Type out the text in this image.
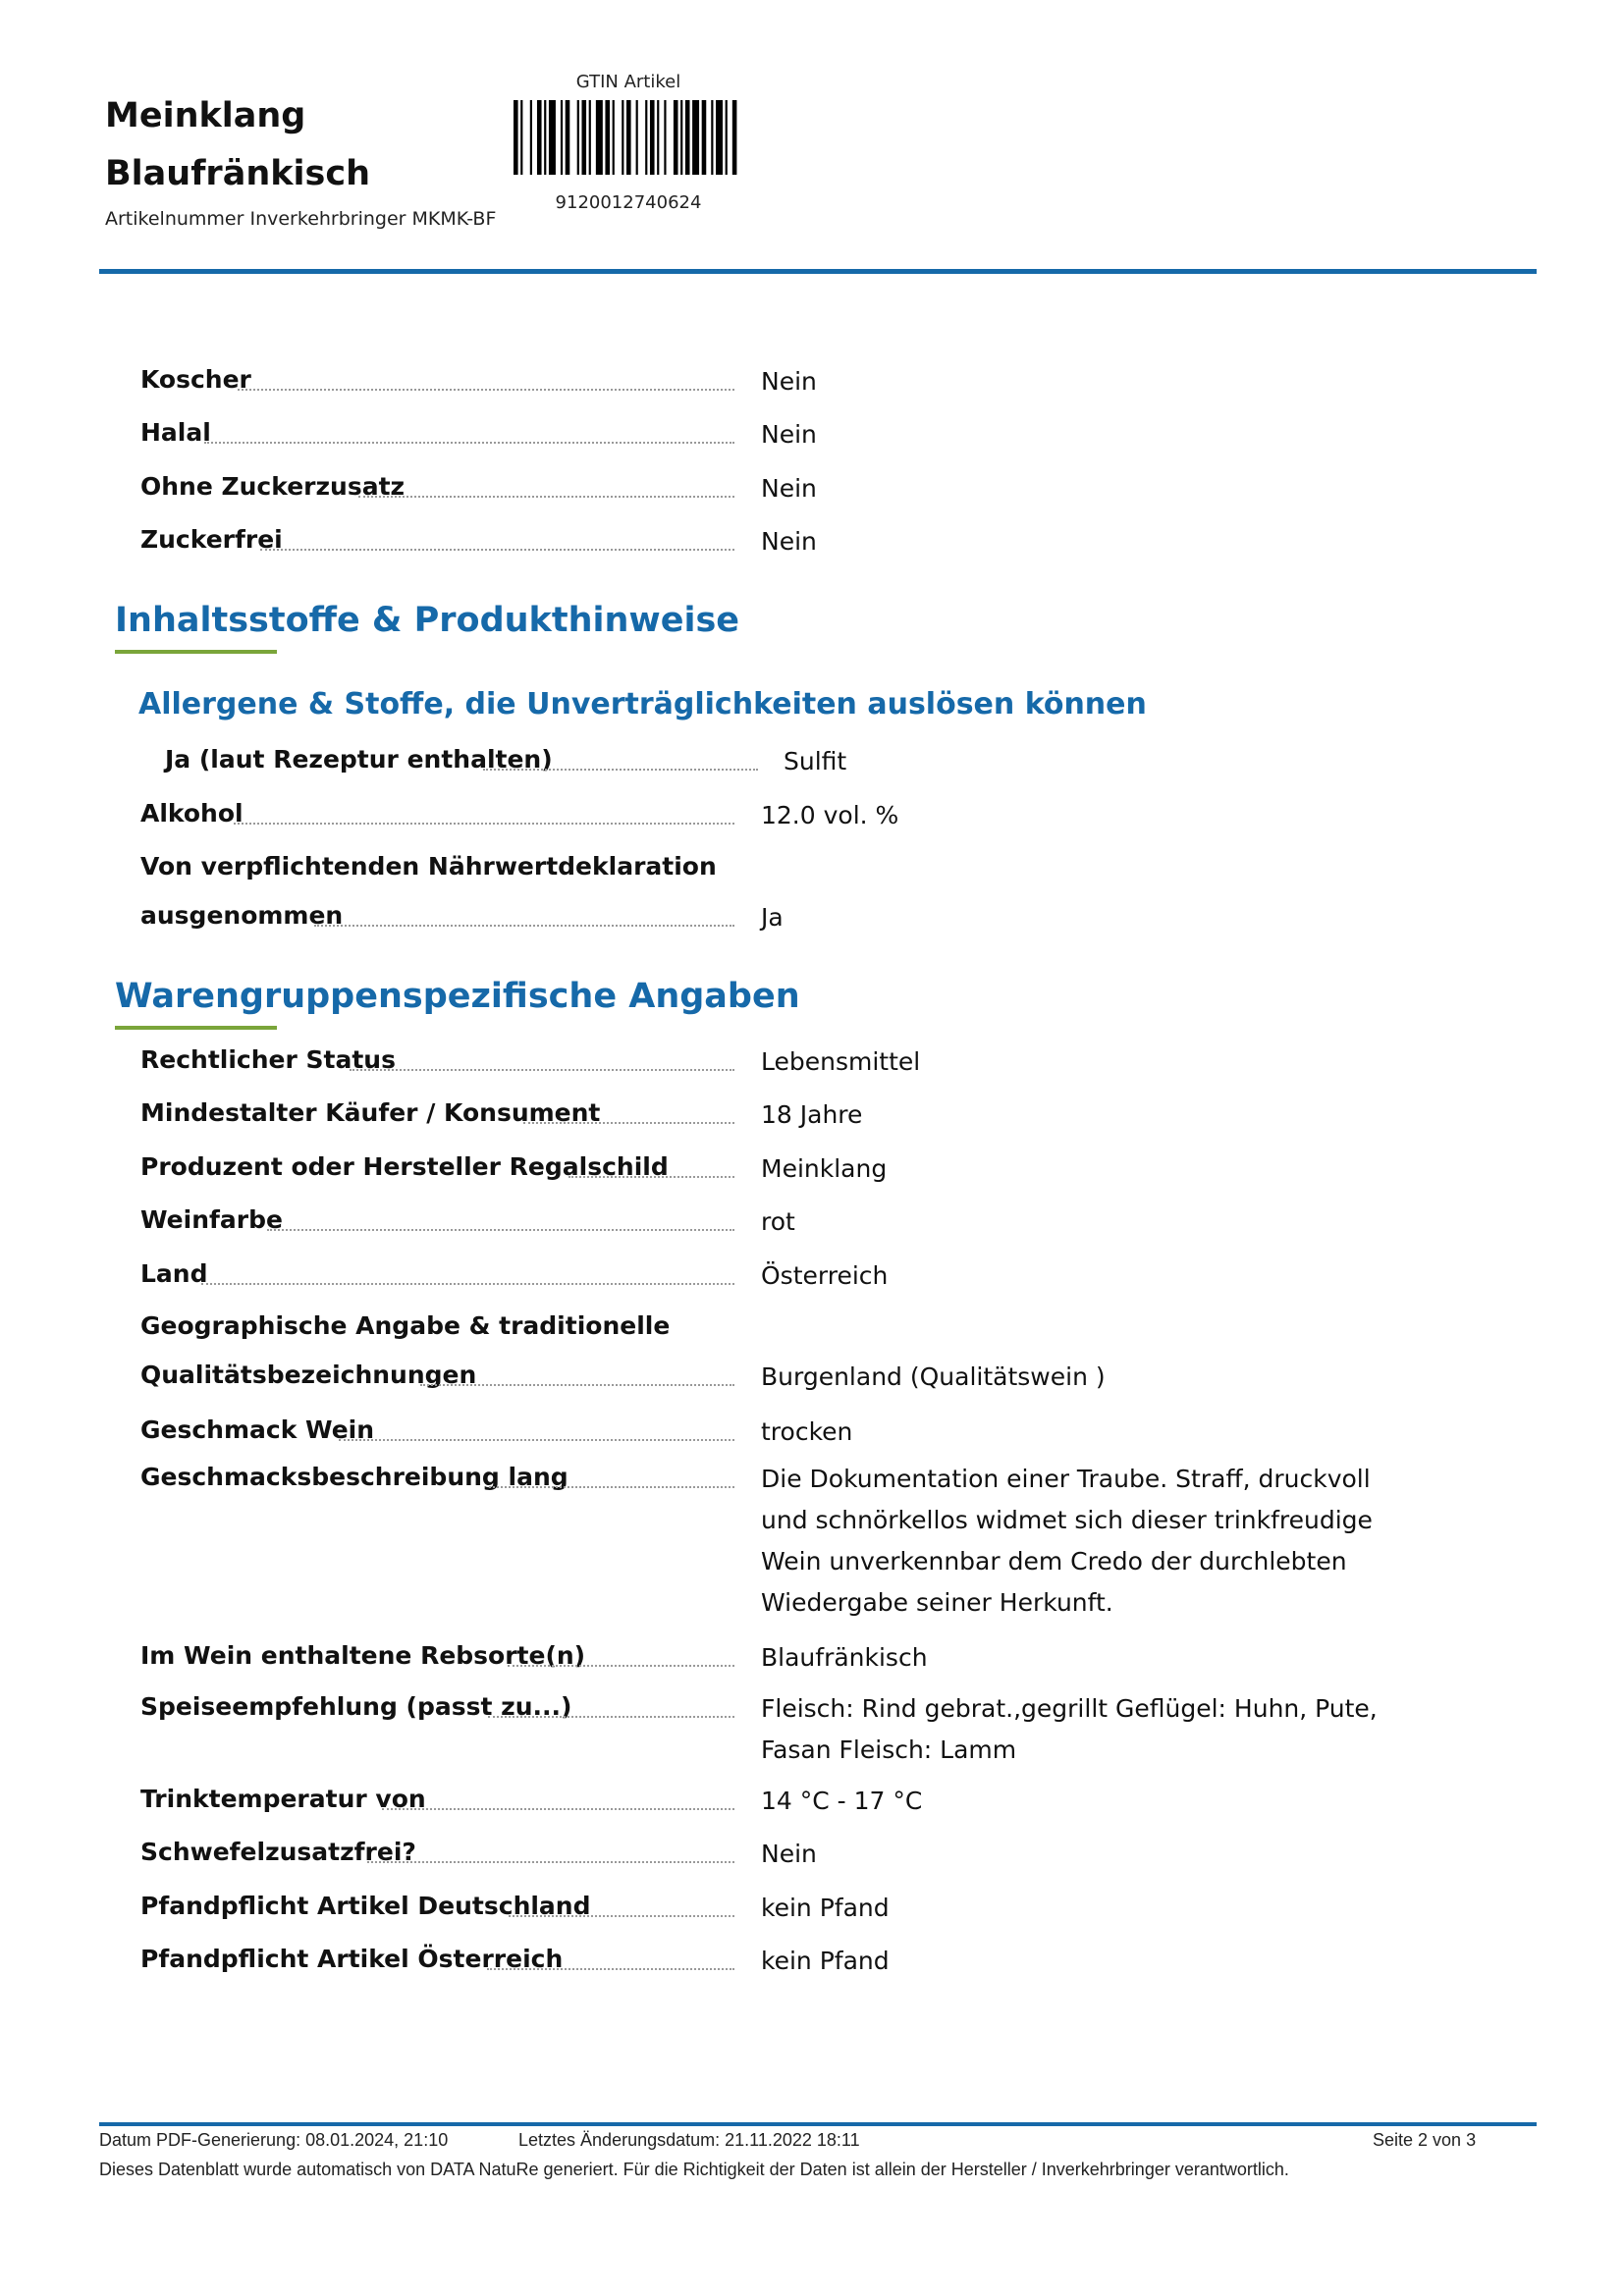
Meinklang
Blaufränkisch
Artikelnummer Inverkehrbringer MKMK-BF
GTIN Artikel
9120012740624
Koscher	Nein
Halal	Nein
Ohne Zuckerzusatz	Nein
Zuckerfrei	Nein
Inhaltsstoffe & Produkthinweise
Allergene & Stoffe, die Unverträglichkeiten auslösen können
Ja (laut Rezeptur enthalten)	Sulfit
Alkohol	12.0 vol. %
Von verpflichtenden Nährwertdeklaration
ausgenommen	Ja
Warengruppenspezifische Angaben
Rechtlicher Status	Lebensmittel
Mindestalter Käufer / Konsument	18 Jahre
Produzent oder Hersteller Regalschild	Meinklang
Weinfarbe	rot
Land	Österreich
Geographische Angabe & traditionelle
Qualitätsbezeichnungen	Burgenland (Qualitätswein )
Geschmack Wein	trocken
Geschmacksbeschreibung lang	Die Dokumentation einer Traube. Straff, druckvoll
und schnörkellos widmet sich dieser trinkfreudige
Wein unverkennbar dem Credo der durchlebten
Wiedergabe seiner Herkunft.
Im Wein enthaltene Rebsorte(n)	Blaufränkisch
Speiseempfehlung (passt zu...)	Fleisch: Rind gebrat.,gegrillt Geflügel: Huhn, Pute,
Fasan Fleisch: Lamm
Trinktemperatur von	14 °C - 17 °C
Schwefelzusatzfrei?	Nein
Pfandpflicht Artikel Deutschland	kein Pfand
Pfandpflicht Artikel Österreich	kein Pfand
Datum PDF-Generierung: 08.01.2024, 21:10	Letztes Änderungsdatum: 21.11.2022 18:11	Seite 2 von 3
Dieses Datenblatt wurde automatisch von DATA NatuRe generiert. Für die Richtigkeit der Daten ist allein der Hersteller / Inverkehrbringer verantwortlich.
